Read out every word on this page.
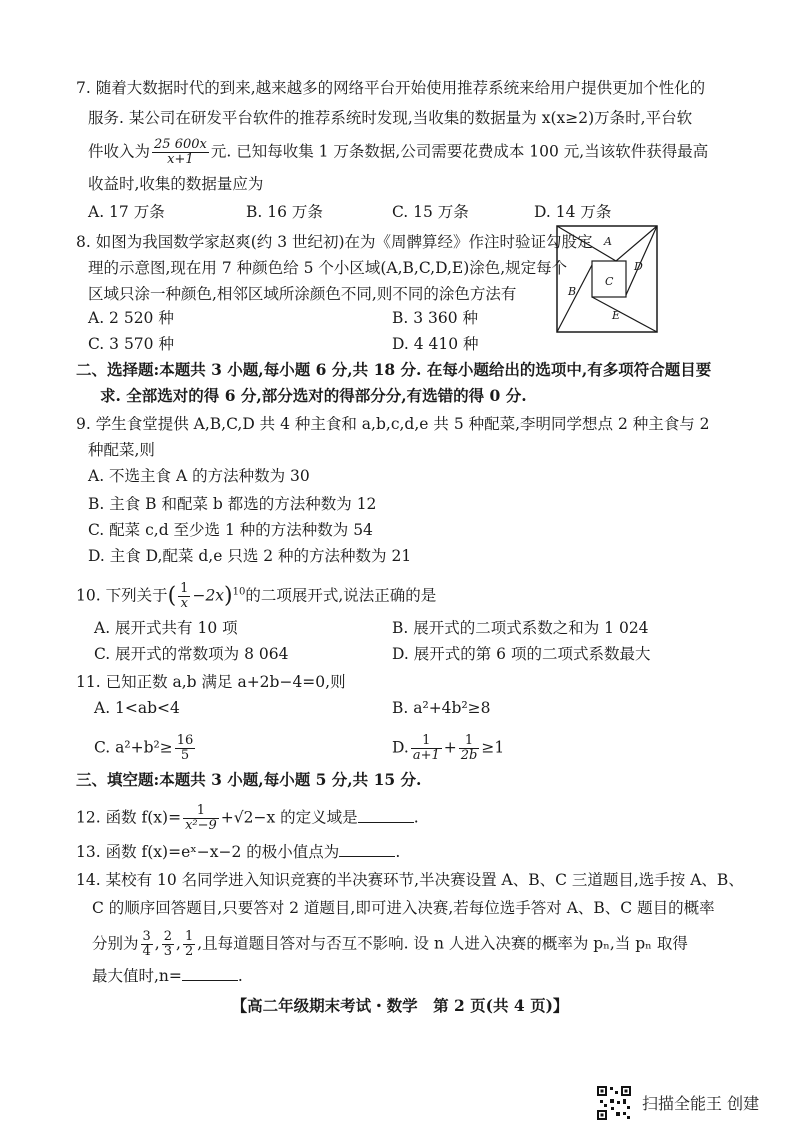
7. 随着大数据时代的到来,越来越多的网络平台开始使用推荐系统来给用户提供更加个性化的
服务. 某公司在研发平台软件的推荐系统时发现,当收集的数据量为 x(x≥2)万条时,平台软
件收入为 $\frac{25 600x}{x+1}$ 元. 已知每收集 1 万条数据,公司需要花费成本 100 元,当该软件获得最高
收益时,收集的数据量应为
A. 17 万条	B. 16 万条	C. 15 万条	D. 14 万条
8. 如图为我国数学家赵爽(约 3 世纪初)在为《周髀算经》作注时验证勾股定
理的示意图,现在用 7 种颜色给 5 个小区域(A,B,C,D,E)涂色,规定每个
区域只涂一种颜色,相邻区域所涂颜色不同,则不同的涂色方法有
A. 2 520 种	B. 3 360 种
C. 3 570 种	D. 4 410 种
A
B
C
D
E
二、选择题:本题共 3 小题,每小题 6 分,共 18 分. 在每小题给出的选项中,有多项符合题目要
求. 全部选对的得 6 分,部分选对的得部分分,有选错的得 0 分.
9. 学生食堂提供 A,B,C,D 共 4 种主食和 a,b,c,d,e 共 5 种配菜,李明同学想点 2 种主食与 2
种配菜,则
A. 不选主食 A 的方法种数为 30
B. 主食 B 和配菜 b 都选的方法种数为 12
C. 配菜 c,d 至少选 1 种的方法种数为 54
D. 主食 D,配菜 d,e 只选 2 种的方法种数为 21
10. 下列关于( $\frac{1}{x} -2x)^{10}$的二项展开式,说法正确的是
A. 展开式共有 10 项	B. 展开式的二项式系数之和为 1 024
C. 展开式的常数项为 8 064	D. 展开式的第 6 项的二项式系数最大
11. 已知正数 a,b 满足 a+2b−4=0,则
A. 1<ab<4	B. a²+4b²≥8
C. $a^2+b^2\ge \frac{16}{5}$	D. $\frac{1}{a+1} + \frac{1}{2b} \ge 1$
三、填空题:本题共 3 小题,每小题 5 分,共 15 分.
12. 函数 $f(x)= \frac{1}{\text{x²−9}} +√2-x$ 的定义域是	.
13. 函数 f(x)=eˣ−x−2 的极小值点为	.
14. 某校有 10 名同学进入知识竞赛的半决赛环节,半决赛设置 A、B、C 三道题目,选手按 A、B、
C 的顺序回答题目,只要答对 2 道题目,即可进入决赛,若每位选手答对 A、B、C 题目的概率
分别为 $\frac{3}{4}$ , $\frac{2}{3}$ , $\frac{1}{2}$ ,且每道题目答对与否互不影响. 设 n 人进入决赛的概率为 pₙ,当 pₙ 取得
最大值时,n=	.
【高二年级期末考试・数学　第 2 页(共 4 页)】
扫描全能王 创建
